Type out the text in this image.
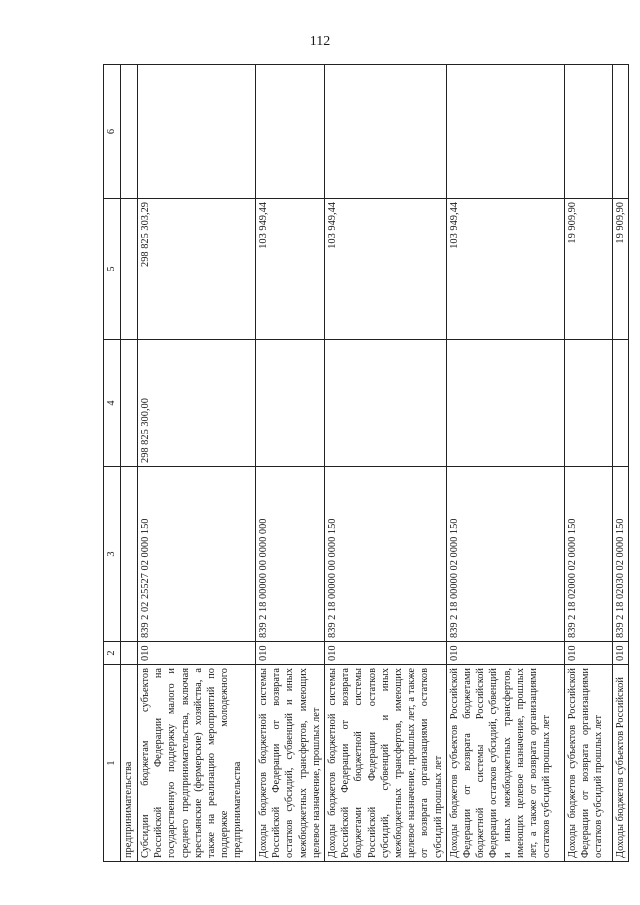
112
1	2	3	4	5	6
предпринимательства					
Субсидии бюджетам субъектов Российской Федерации на государственную поддержку малого и среднего предпринимательства, включая крестьянские (фермерские) хозяйства, а также на реализацию мероприятий по поддержке молодежного предпринимательства	010	839 2 02 25527 02 0000 150	298 825 300,00	298 825 303,29	
Доходы бюджетов бюджетной системы Российской Федерации от возврата остатков субсидий, субвенций и иных межбюджетных трансфертов, имеющих целевое назначение, прошлых лет	010	839 2 18 00000 00 0000 000		103 949,44	
Доходы бюджетов бюджетной системы Российской Федерации от возврата бюджетами бюджетной системы Российской Федерации остатков субсидий, субвенций и иных межбюджетных трансфертов, имеющих целевое назначение, прошлых лет, а также от возврата организациями остатков субсидий прошлых лет	010	839 2 18 00000 00 0000 150		103 949,44	
Доходы бюджетов субъектов Российской Федерации от возврата бюджетами бюджетной системы Российской Федерации остатков субсидий, субвенций и иных межбюджетных трансфертов, имеющих целевое назначение, прошлых лет, а также от возврата организациями остатков субсидий прошлых лет	010	839 2 18 00000 02 0000 150		103 949,44	
Доходы бюджетов субъектов Российской Федерации от возврата организациями остатков субсидий прошлых лет	010	839 2 18 02000 02 0000 150		19 909,90	
Доходы бюджетов субъектов Российской	010	839 2 18 02030 02 0000 150		19 909,90	
